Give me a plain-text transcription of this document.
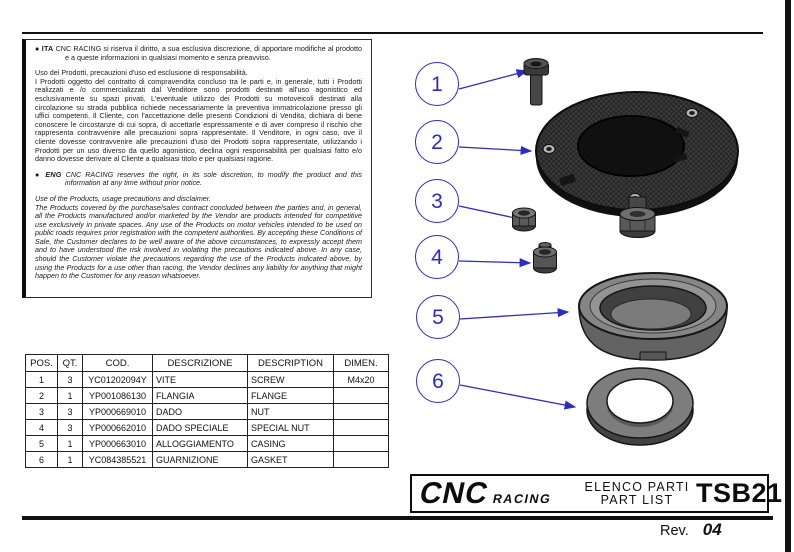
● ITA CNC RACING si riserva il diritto, a sua esclusiva discrezione, di apportare modifiche al prodotto e a queste informazioni in qualsiasi momento e senza preavviso.

Uso dei Prodotti, precauzioni d'uso ed esclusione di responsabilità.

I Prodotti oggetto del contratto di compravendita concluso tra le parti e, in generale, tutti i Prodotti realizzati e /o commercializzati dal Venditore sono prodotti destinati all'uso agonistico ed esclusivamente su spazi privati. L'eventuale utilizzo dei Prodotti su motoveicoli destinati alla circolazione su strada pubblica richiede necessariamente la preventiva immatricolazione presso gli uffici competenti. Il Cliente, con l'accettazione delle presenti Condizioni di Vendita, dichiara di bene conoscere le circostanze di cui sopra, di accettarle espressamente e di aver compreso il rischio che rappresenta contravvenire alle precauzioni sopra rappresentate. Il Venditore, in ogni caso, ove il cliente dovesse contravvenire alle precauzioni d'uso dei Prodotti sopra rappresentate, utilizzando i Prodotti per un uso diverso da quello agonistico, declina ogni responsabilità per qualsiasi fatto e/o danno dovesse derivare al Cliente a qualsiasi titolo e per qualsiasi ragione.

● ENG CNC RACING reserves the right, in its sole discretion, to modify the product and this information at any time without prior notice.

Use of the Products, usage precautions and disclaimer.

The Products covered by the purchase/sales contract concluded between the parties and, in general, all the Products manufactured and/or marketed by the Vendor are products intended for competitive use exclusively in private spaces. Any use of the Products on motor vehicles intended to be used on public roads requires prior registration with the competent authorities. By accepting these Conditions of Sale, the Customer declares to be well aware of the above circumstances, to expressly accept them and to have understood the risk involved in violating the precautions indicated above. In any case, should the Customer violate the precautions regarding the use of the Products indicated above, by using the Products for a use other than racing, the Vendor declines any liability for anything that might happen to the Customer for any reason whatsoever.

1
2
3
4
5
6
POS.	QT.	COD.	DESCRIZIONE	DESCRIPTION	DIMEN.
1	3	YC01202094Y	VITE	SCREW	M4x20
2	1	YP001086130	FLANGIA	FLANGE	
3	3	YP000669010	DADO	NUT	
4	3	YP000662010	DADO SPECIALE	SPECIAL NUT	
5	1	YP000663010	ALLOGGIAMENTO	CASING	
6	1	YC084385521	GUARNIZIONE	GASKET	
CNC RACING
ELENCO PARTI
PART LIST TSB21
Rev. 04
